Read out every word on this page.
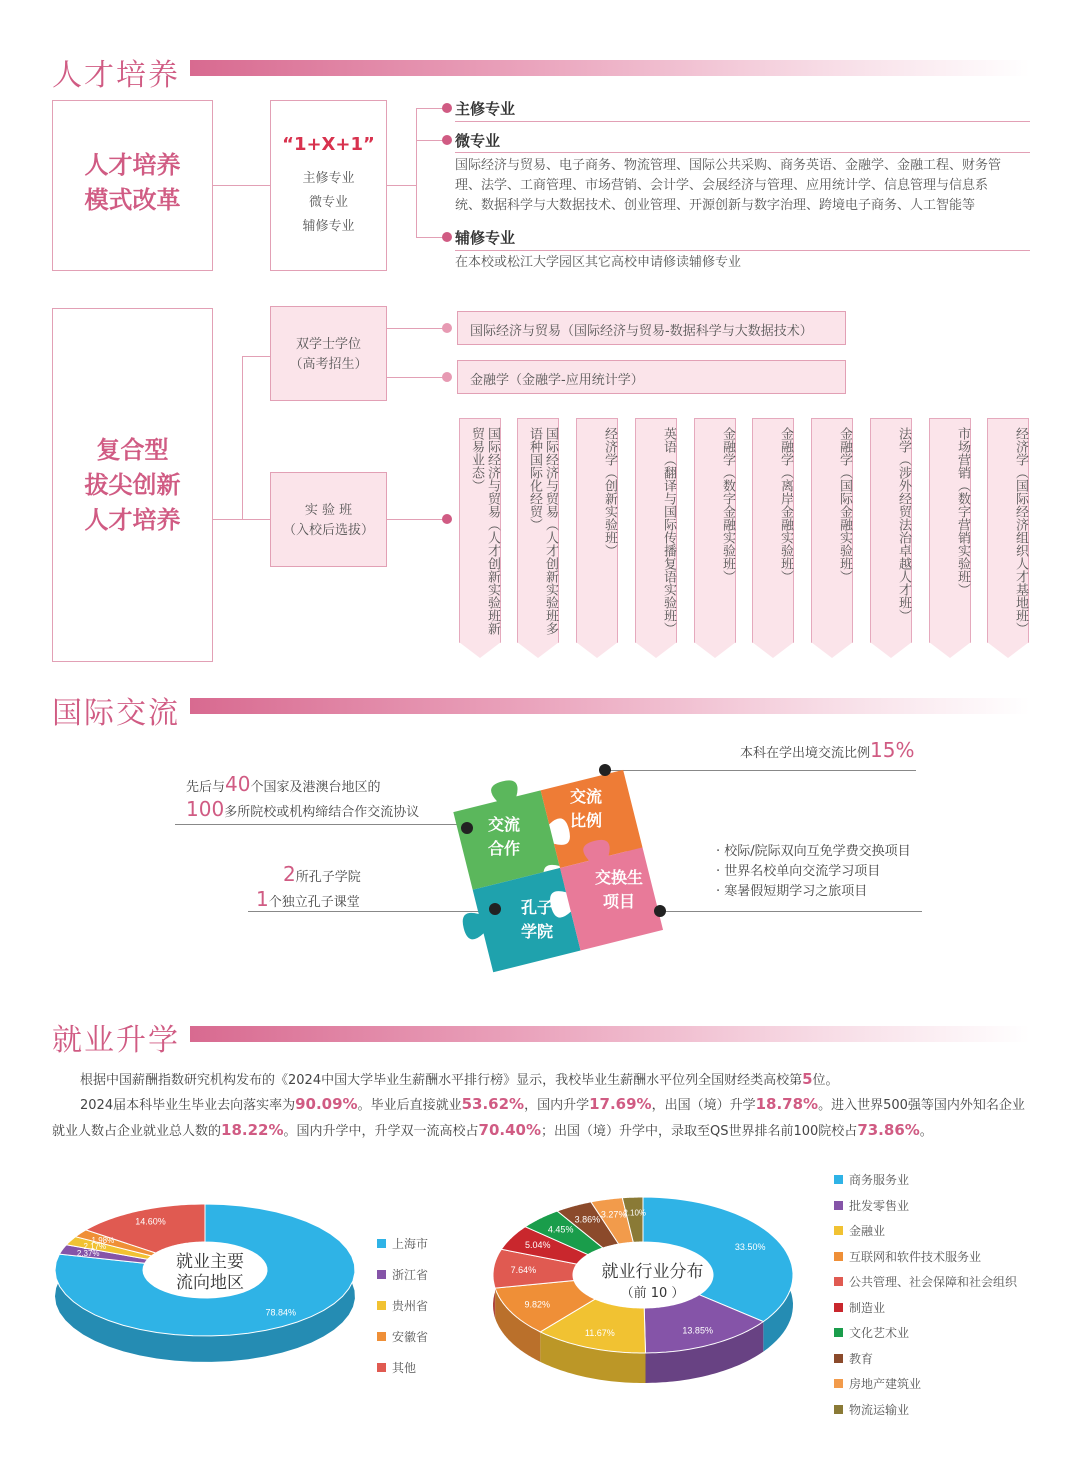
人才培养
人才培养
模式改革
“1+X+1”
主修专业
微专业
辅修专业
主修专业
微专业
国际经济与贸易、电子商务、物流管理、国际公共采购、商务英语、金融学、金融工程、财务管
理、法学、工商管理、市场营销、会计学、会展经济与管理、应用统计学、信息管理与信息系
统、数据科学与大数据技术、创业管理、开源创新与数字治理、跨境电子商务、人工智能等
辅修专业
在本校或松江大学园区其它高校申请修读辅修专业
复合型
拔尖创新
人才培养
双学士学位
（高考招生）
国际经济与贸易（国际经济与贸易-数据科学与大数据技术）
金融学（金融学-应用统计学）
实 验 班
（入校后选拔）	国际经济与贸易（人才创新实验班新贸易业态）	国际经济与贸易（人才创新实验班多语种国际化经贸）	经济学（创新实验班）	英语（翻译与国际传播复语实验班）	金融学（数字金融实验班）	金融学（离岸金融实验班）	金融学（国际金融实验班）	法学（涉外经贸法治卓越人才班）	市场营销（数字营销实验班）	经济学（国际经济组织人才基地班）
国际交流
先后与40个国家及港澳台地区的
100多所院校或机构缔结合作交流协议
2所孔子学院
1个独立孔子课堂
本科在学出境交流比例15%
· 校际/院际双向互免学费交换项目
· 世界名校单向交流学习项目
· 寒暑假短期学习之旅项目
交流
合作
交流
比例
孔子
学院
交换生
项目
就业升学
根据中国薪酬指数研究机构发布的《2024中国大学毕业生薪酬水平排行榜》显示，我校毕业生薪酬水平位列全国财经类高校第5位。
2024届本科毕业生毕业去向落实率为90.09%。毕业后直接就业53.62%，国内升学17.69%，出国（境）升学18.78%。进入世界500强等国内外知名企业就业人数占企业就业总人数的18.22%。国内升学中，升学双一流高校占70.40%；出国（境）升学中，录取至QS世界排名前100院校占73.86%。
78.84%
2.37%
2.17%
1.98%
14.60%
就业主要
流向地区
上海市
浙江省
贵州省
安徽省
其他
33.50%
13.85%
11.67%
9.82%
7.64%
5.04%
4.45%
3.86%
3.27%
2.10%
就业行业分布
（前 10 ）
商务服务业
批发零售业
金融业
互联网和软件技术服务业
公共管理、社会保障和社会组织
制造业
文化艺术业
教育
房地产建筑业
物流运输业
